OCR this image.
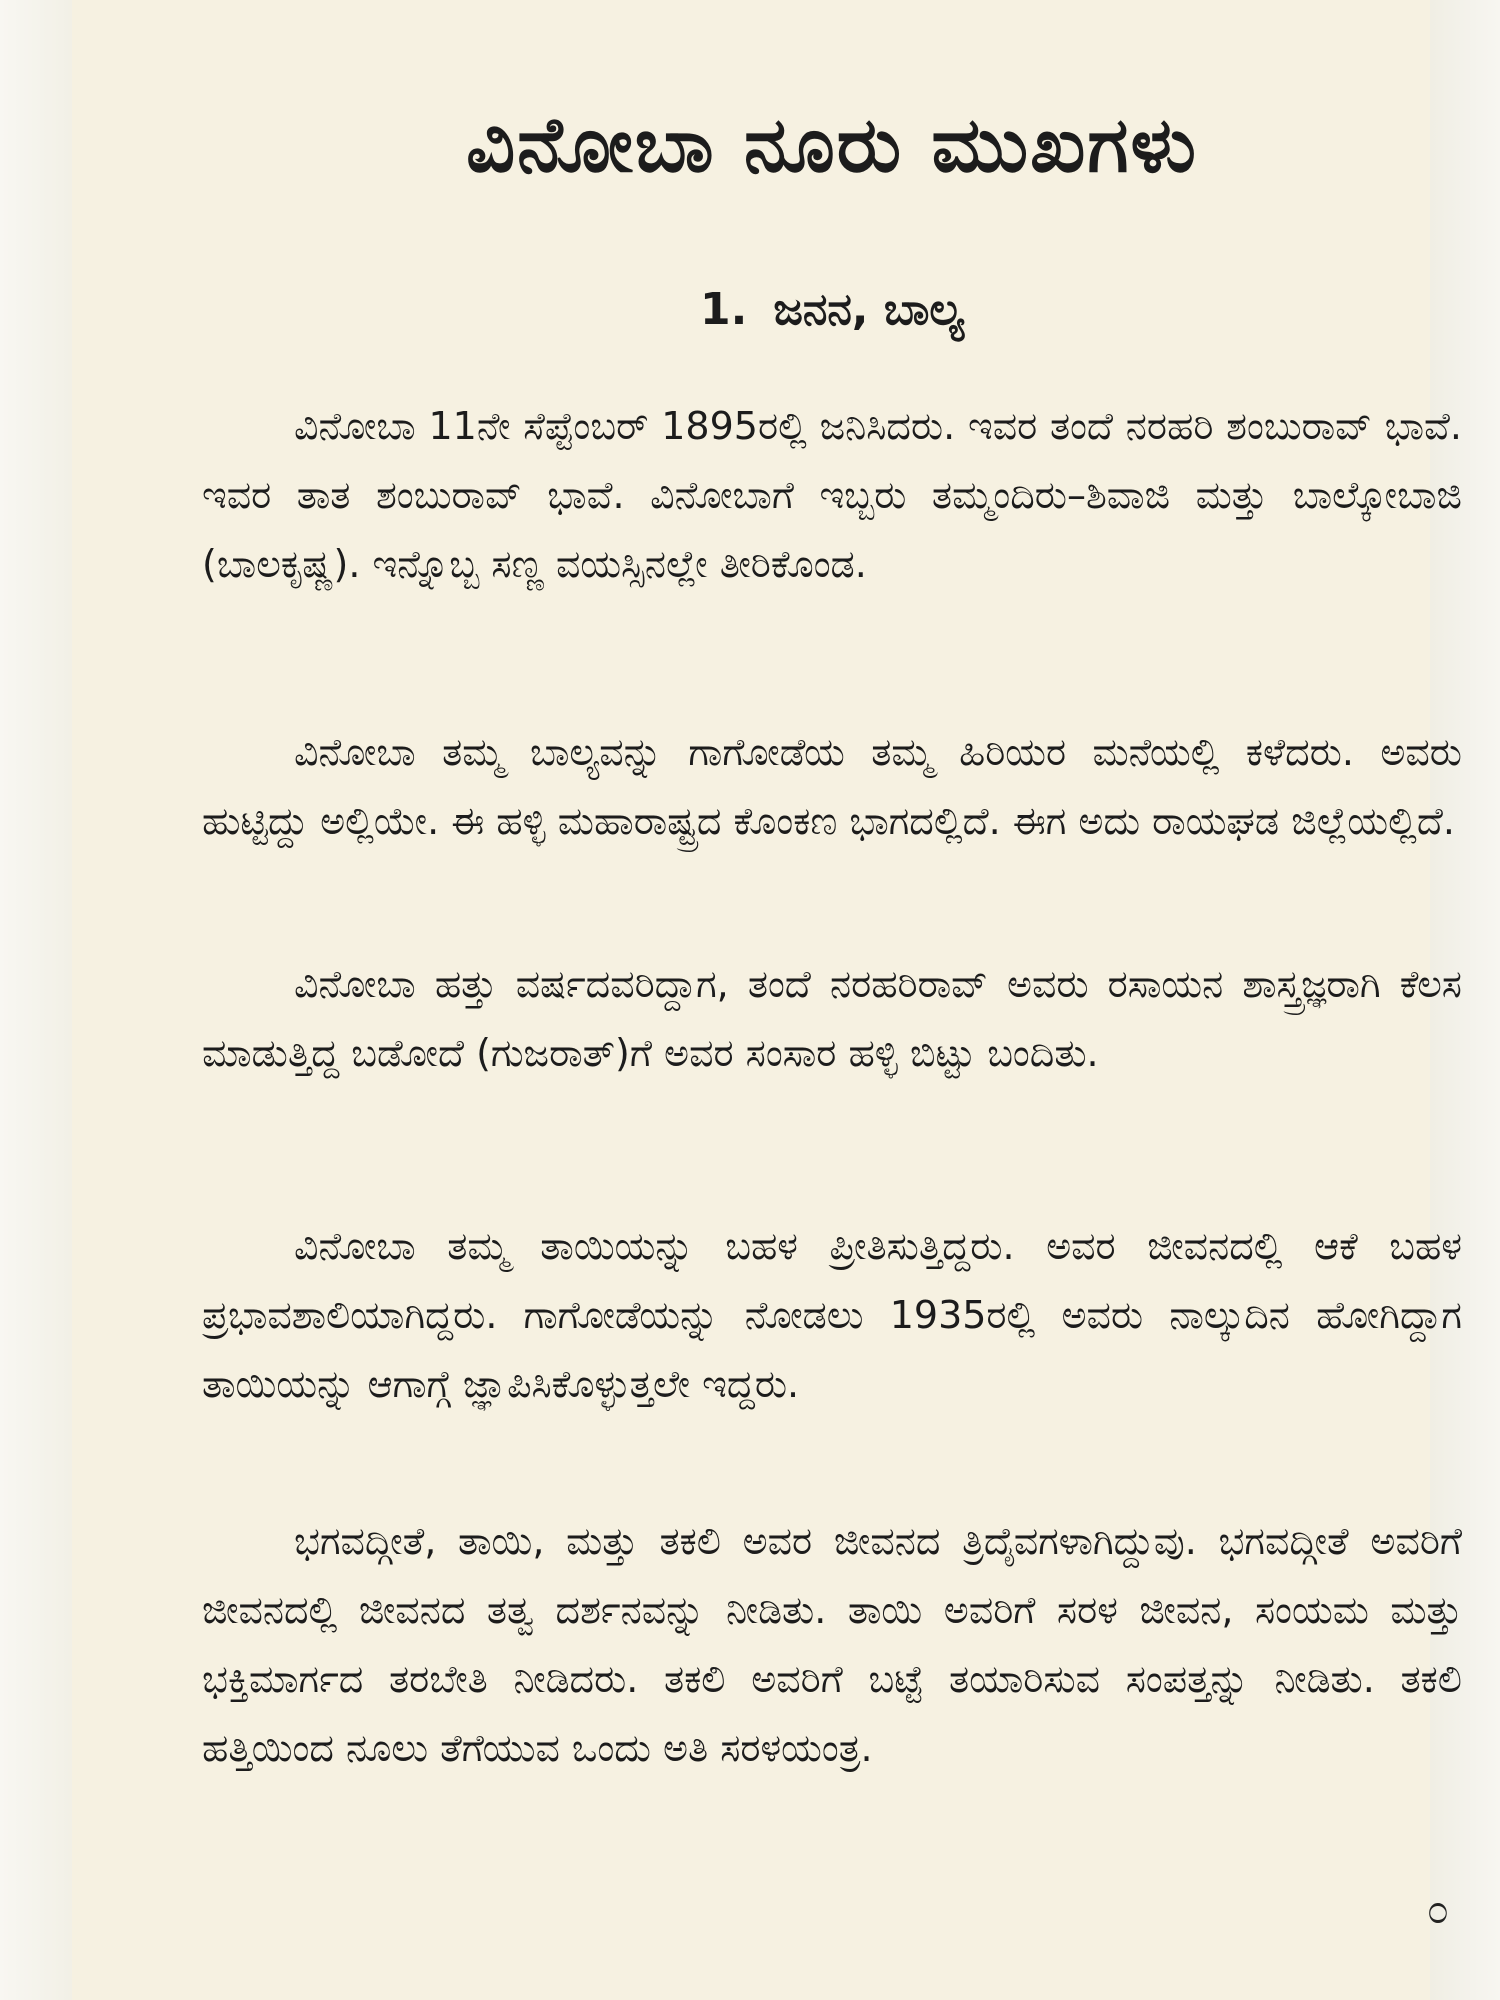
ವಿನೋಬಾ ನೂರು ಮುಖಗಳು
1. ಜನನ, ಬಾಲ್ಯ

ವಿನೋಬಾ 11ನೇ ಸೆಪ್ಟೆಂಬರ್ 1895ರಲ್ಲಿ ಜನಿಸಿದರು. ಇವರ ತಂದೆ ನರಹರಿ ಶಂಬುರಾವ್ ಭಾವೆ. ಇವರ ತಾತ ಶಂಬುರಾವ್ ಭಾವೆ. ವಿನೋಬಾಗೆ ಇಬ್ಬರು ತಮ್ಮಂದಿರು–ಶಿವಾಜಿ ಮತ್ತು ಬಾಲ್ಕೋಬಾಜಿ (ಬಾಲಕೃಷ್ಣ). ಇನ್ನೊಬ್ಬ ಸಣ್ಣ ವಯಸ್ಸಿನಲ್ಲೇ ತೀರಿಕೊಂಡ.

ವಿನೋಬಾ ತಮ್ಮ ಬಾಲ್ಯವನ್ನು ಗಾಗೋಡೆಯ ತಮ್ಮ ಹಿರಿಯರ ಮನೆಯಲ್ಲಿ ಕಳೆದರು. ಅವರು ಹುಟ್ಟಿದ್ದು ಅಲ್ಲಿಯೇ. ಈ ಹಳ್ಳಿ ಮಹಾರಾಷ್ಟ್ರದ ಕೊಂಕಣ ಭಾಗದಲ್ಲಿದೆ. ಈಗ ಅದು ರಾಯಘಡ ಜಿಲ್ಲೆಯಲ್ಲಿದೆ.

ವಿನೋಬಾ ಹತ್ತು ವರ್ಷದವರಿದ್ದಾಗ, ತಂದೆ ನರಹರಿರಾವ್ ಅವರು ರಸಾಯನ ಶಾಸ್ತ್ರಜ್ಞರಾಗಿ ಕೆಲಸ ಮಾಡುತ್ತಿದ್ದ ಬಡೋದೆ (ಗುಜರಾತ್)ಗೆ ಅವರ ಸಂಸಾರ ಹಳ್ಳಿ ಬಿಟ್ಟು ಬಂದಿತು.

ವಿನೋಬಾ ತಮ್ಮ ತಾಯಿಯನ್ನು ಬಹಳ ಪ್ರೀತಿಸುತ್ತಿದ್ದರು. ಅವರ ಜೀವನದಲ್ಲಿ ಆಕೆ ಬಹಳ ಪ್ರಭಾವಶಾಲಿಯಾಗಿದ್ದರು. ಗಾಗೋಡೆಯನ್ನು ನೋಡಲು 1935ರಲ್ಲಿ ಅವರು ನಾಲ್ಕುದಿನ ಹೋಗಿದ್ದಾಗ ತಾಯಿಯನ್ನು ಆಗಾಗ್ಗೆ ಜ್ಞಾಪಿಸಿಕೊಳ್ಳುತ್ತಲೇ ಇದ್ದರು.

ಭಗವದ್ಗೀತೆ, ತಾಯಿ, ಮತ್ತು ತಕಲಿ ಅವರ ಜೀವನದ ತ್ರಿದೈವಗಳಾಗಿದ್ದುವು. ಭಗವದ್ಗೀತೆ ಅವರಿಗೆ ಜೀವನದಲ್ಲಿ ಜೀವನದ ತತ್ವ ದರ್ಶನವನ್ನು ನೀಡಿತು. ತಾಯಿ ಅವರಿಗೆ ಸರಳ ಜೀವನ, ಸಂಯಮ ಮತ್ತು ಭಕ್ತಿಮಾರ್ಗದ ತರಬೇತಿ ನೀಡಿದರು. ತಕಲಿ ಅವರಿಗೆ ಬಟ್ಟೆ ತಯಾರಿಸುವ ಸಂಪತ್ತನ್ನು ನೀಡಿತು. ತಕಲಿ ಹತ್ತಿಯಿಂದ ನೂಲು ತೆಗೆಯುವ ಒಂದು ಅತಿ ಸರಳಯಂತ್ರ.

೦
